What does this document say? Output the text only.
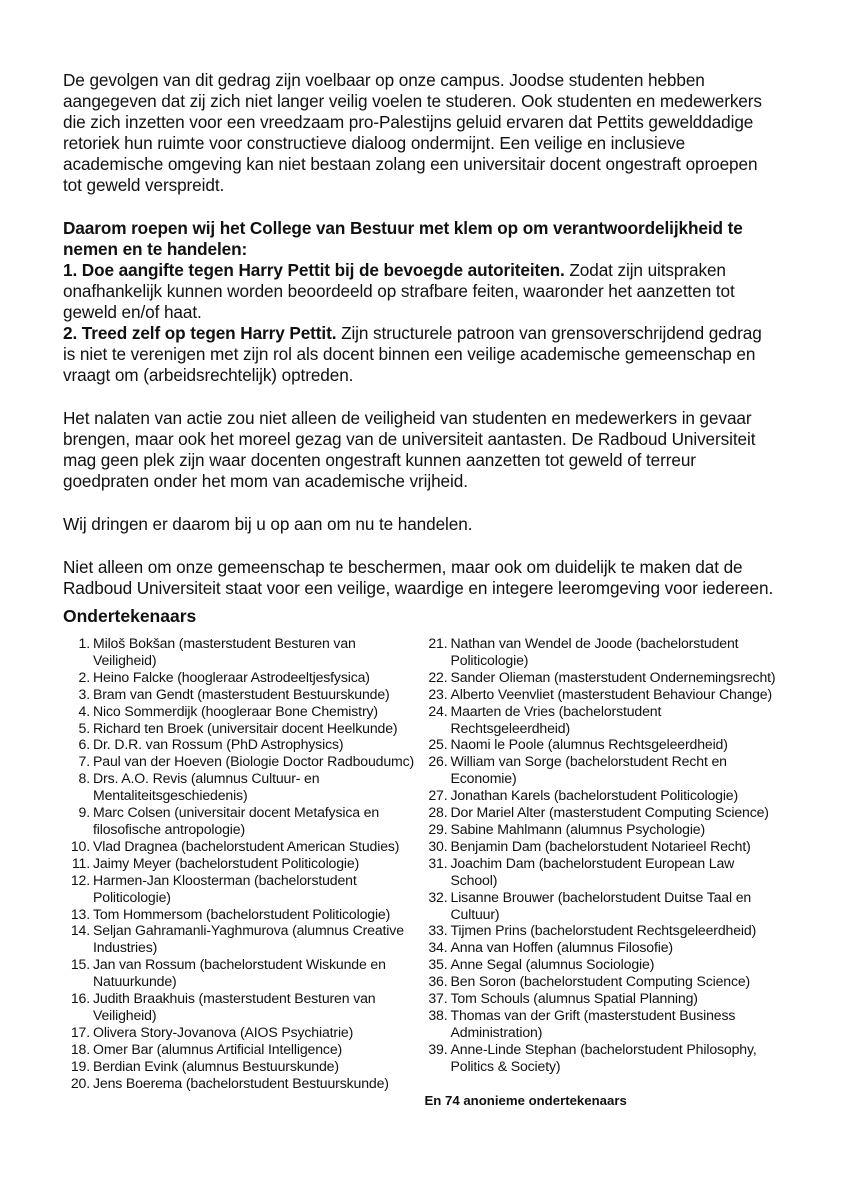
De gevolgen van dit gedrag zijn voelbaar op onze campus. Joodse studenten hebben aangegeven dat zij zich niet langer veilig voelen te studeren. Ook studenten en medewerkers die zich inzetten voor een vreedzaam pro-Palestijns geluid ervaren dat Pettits gewelddadige retoriek hun ruimte voor constructieve dialoog ondermijnt. Een veilige en inclusieve academische omgeving kan niet bestaan zolang een universitair docent ongestraft oproepen tot geweld verspreidt.

Daarom roepen wij het College van Bestuur met klem op om verantwoordelijkheid te nemen en te handelen:

1. Doe aangifte tegen Harry Pettit bij de bevoegde autoriteiten. Zodat zijn uitspraken onafhankelijk kunnen worden beoordeeld op strafbare feiten, waaronder het aanzetten tot geweld en/of haat.

2. Treed zelf op tegen Harry Pettit. Zijn structurele patroon van grensoverschrijdend gedrag is niet te verenigen met zijn rol als docent binnen een veilige academische gemeenschap en vraagt om (arbeidsrechtelijk) optreden.

Het nalaten van actie zou niet alleen de veiligheid van studenten en medewerkers in gevaar brengen, maar ook het moreel gezag van de universiteit aantasten. De Radboud Universiteit mag geen plek zijn waar docenten ongestraft kunnen aanzetten tot geweld of terreur goedpraten onder het mom van academische vrijheid.

Wij dringen er daarom bij u op aan om nu te handelen.

Niet alleen om onze gemeenschap te beschermen, maar ook om duidelijk te maken dat de Radboud Universiteit staat voor een veilige, waardige en integere leeromgeving voor iedereen.

Ondertekenaars
1. Miloš Bokšan (masterstudent Besturen van Veiligheid)
2. Heino Falcke (hoogleraar Astrodeeltjesfysica)
3. Bram van Gendt (masterstudent Bestuurskunde)
4. Nico Sommerdijk (hoogleraar Bone Chemistry)
5. Richard ten Broek (universitair docent Heelkunde)
6. Dr. D.R. van Rossum (PhD Astrophysics)
7. Paul van der Hoeven (Biologie Doctor Radboudumc)
8. Drs. A.O. Revis (alumnus Cultuur- en Mentaliteitsgeschiedenis)
9. Marc Colsen (universitair docent Metafysica en filosofische antropologie)
10. Vlad Dragnea (bachelorstudent American Studies)
11. Jaimy Meyer (bachelorstudent Politicologie)
12. Harmen-Jan Kloosterman (bachelorstudent Politicologie)
13. Tom Hommersom (bachelorstudent Politicologie)
14. Seljan Gahramanli-Yaghmurova (alumnus Creative Industries)
15. Jan van Rossum (bachelorstudent Wiskunde en Natuurkunde)
16. Judith Braakhuis (masterstudent Besturen van Veiligheid)
17. Olivera Story-Jovanova (AIOS Psychiatrie)
18. Omer Bar (alumnus Artificial Intelligence)
19. Berdian Evink (alumnus Bestuurskunde)
20. Jens Boerema (bachelorstudent Bestuurskunde)
21. Nathan van Wendel de Joode (bachelorstudent Politicologie)
22. Sander Olieman (masterstudent Ondernemingsrecht)
23. Alberto Veenvliet (masterstudent Behaviour Change)
24. Maarten de Vries (bachelorstudent Rechtsgeleerdheid)
25. Naomi le Poole (alumnus Rechtsgeleerdheid)
26. William van Sorge (bachelorstudent Recht en Economie)
27. Jonathan Karels (bachelorstudent Politicologie)
28. Dor Mariel Alter (masterstudent Computing Science)
29. Sabine Mahlmann (alumnus Psychologie)
30. Benjamin Dam (bachelorstudent Notarieel Recht)
31. Joachim Dam (bachelorstudent European Law School)
32. Lisanne Brouwer (bachelorstudent Duitse Taal en Cultuur)
33. Tijmen Prins (bachelorstudent Rechtsgeleerdheid)
34. Anna van Hoffen (alumnus Filosofie)
35. Anne Segal (alumnus Sociologie)
36. Ben Soron (bachelorstudent Computing Science)
37. Tom Schouls (alumnus Spatial Planning)
38. Thomas van der Grift (masterstudent Business Administration)
39. Anne-Linde Stephan (bachelorstudent Philosophy, Politics & Society)
En 74 anonieme ondertekenaars
